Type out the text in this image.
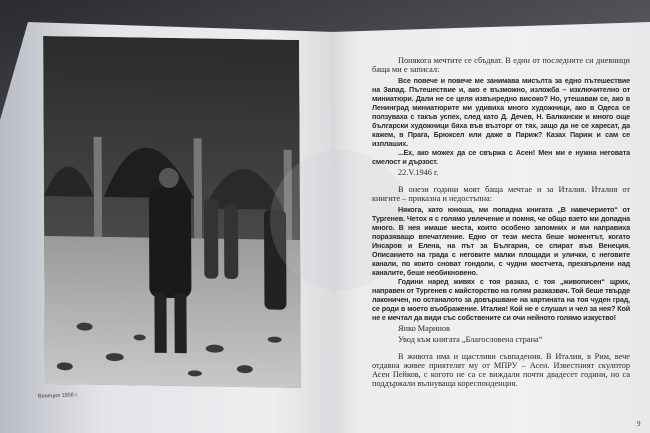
Венеция 1958 г.
Понякога мечтите се сбъдват. В един от последните си дневници баща ми е записал:

Все повече и повече ме занимава мисълта за едно пътешествие на Запад. Пътешествие и, ако е възможно, изложба – изключително от миниатюри. Дали не се целя извънредно високо? Но, утешавам се, ако в Ленинград миниатюрите ми удивиха много художници, ако в Одеса се ползуваха с такъв успех, след като Д. Дечев, Н. Балкански и много още български художници бяха във възторг от тях, защо да не се харесат, да кажем, в Прага, Брюксел или даже в Париж? Казах Париж и сам се изплаших.

...Ех, ако можех да се свържа с Асен! Мен ми е нужна неговата смелост и дързост.

22.V.1946 г.
В онези години моят баща мечтае и за Италия. Италия от книгите – приказна и недостъпна:

Някога, като юноша, ми попадна книгата „В навечерието“ от Тургенев. Четох я с голямо увлечение и помня, че общо взето ми допадна много. В нея имаше места, които особено запомних и ми направиха поразяващо впечатление. Едно от тези места беше моментът, когато Инсаров и Елена, на път за България, се спират във Венеция. Описанието на града с неговите малки площади и улички, с неговите канали, по които сноват гондоли, с чудни мостчета, прехвърлени над каналите, беше необикновено.

Години наред живях с тоя разказ, с тоя „живописен“ щрих, направен от Тургенев с майсторство на голям разказвач. Той беше твърде лаконичен, но останалото за довършване на картината на тоя чуден град, се роди в моето въображение. Италия! Кой не е слушал и чел за нея? Кой не е мечтал да види със собствените си очи нейното голямо изкуство!

Янко Маринов
Увод към книгата „Благословена страна“
В живота има и щастливи съвпадения. В Италия, в Рим, вече отдавна живее приятелят му от МПРУ – Асен. Известният скулптор Асен Пейков, с когото не са се виждали почти двадесет години, но са поддържали вълнуваща кореспонденция.
9
